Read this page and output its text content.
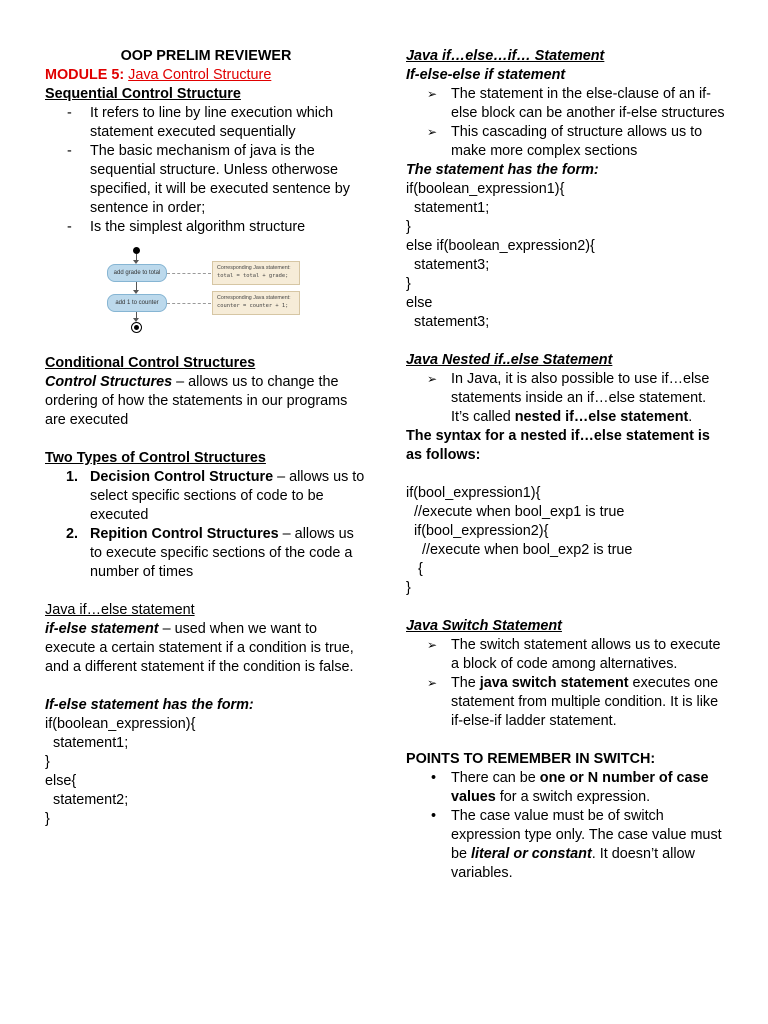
OOP PRELIM REVIEWER

MODULE 5: Java Control Structure

Sequential Control Structure

- It refers to line by line execution which statement executed sequentially
- The basic mechanism of java is the sequential structure. Unless otherwose specified, it will be executed sentence by sentence in order;
- Is the simplest algorithm structure
add grade to total
Corresponding Java statement:
total = total + grade;
add 1 to counter
Corresponding Java statement:
counter = counter + 1;

Conditional Control Structures

Control Structures – allows us to change the ordering of how the statements in our programs are executed

Two Types of Control Structures

1. Decision Control Structure – allows us to select specific sections of code to be executed
2. Repition Control Structures – allows us to execute specific sections of the code a number of times

Java if…else statement

if-else statement – used when we want to execute a certain statement if a condition is true, and a different statement if the condition is false.

If-else statement has the form:

if(boolean_expression){
statement1;
}
else{
statement2;
}

Java if…else…if… Statement

If-else-else if statement

➢ The statement in the else-clause of an if-else block can be another if-else structures
➢ This cascading of structure allows us to make more complex sections

The statement has the form:

if(boolean_expression1){
statement1;
}
else if(boolean_expression2){
statement3;
}
else
statement3;

Java Nested if..else Statement

➢ In Java, it is also possible to use if…else statements inside an if…else statement. It’s called nested if…else statement.

The syntax for a nested if…else statement is as follows:

if(bool_expression1){
//execute when bool_exp1 is true
if(bool_expression2){
//execute when bool_exp2 is true
{
}

Java Switch Statement

➢ The switch statement allows us to execute a block of code among alternatives.
➢ The java switch statement executes one statement from multiple condition. It is like if-else-if ladder statement.

POINTS TO REMEMBER IN SWITCH:

• There can be one or N number of case values for a switch expression.
• The case value must be of switch expression type only. The case value must be literal or constant. It doesn’t allow variables.
